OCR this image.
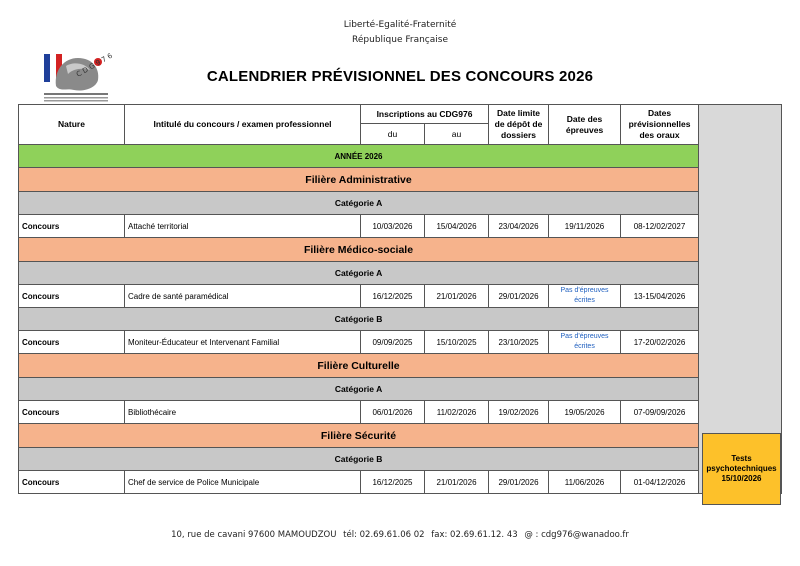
Liberté-Egalité-Fraternité
République Française
C D G 9 7 6	CALENDRIER PRÉVISIONNEL DES CONCOURS 2026
Nature	Intitulé du concours / examen professionnel	Inscriptions au CDG976		Date limite de dépôt de dossiers	Date des épreuves	Dates prévisionnelles des oraux	
		du	au				
ANNÉE 2026							
Filière Administrative							
Catégorie A							
Concours	Attaché territorial	10/03/2026	15/04/2026	23/04/2026	19/11/2026	08-12/02/2027	
Filière Médico-sociale							
Catégorie A							
Concours	Cadre de santé paramédical	16/12/2025	21/01/2026	29/01/2026	Pas d'épreuves écrites	13-15/04/2026	
Catégorie B							
Concours	Moniteur-Éducateur et Intervenant Familial	09/09/2025	15/10/2025	23/10/2025	Pas d'épreuves écrites	17-20/02/2026	
Filière Culturelle							
Catégorie A							
Concours	Bibliothécaire	06/01/2026	11/02/2026	19/02/2026	19/05/2026	07-09/09/2026	
Filière Sécurité							
Catégorie B							
Concours	Chef de service de Police Municipale	16/12/2025	21/01/2026	29/01/2026	11/06/2026	01-04/12/2026	
Tests psychotechniques 15/10/2026
10, rue de cavani 97600 MAMOUDZOU tél: 02.69.61.06 02 fax: 02.69.61.12. 43 @ : cdg976@wanadoo.fr
